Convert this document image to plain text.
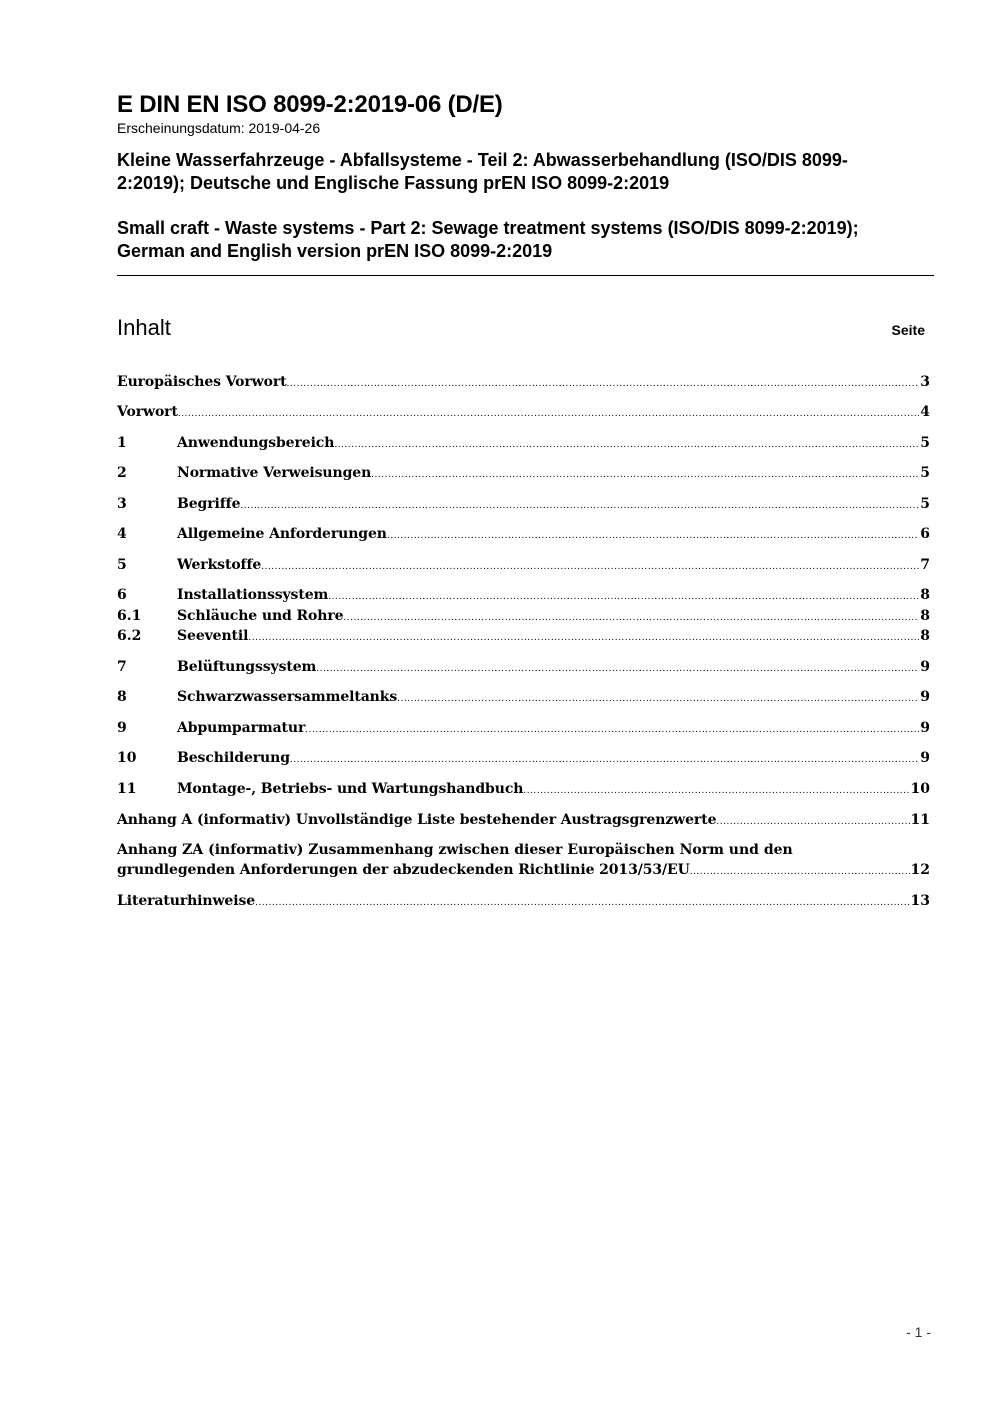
E DIN EN ISO 8099-2:2019-06 (D/E)
Erscheinungsdatum: 2019-04-26
Kleine Wasserfahrzeuge - Abfallsysteme - Teil 2: Abwasserbehandlung (ISO/DIS 8099-2:2019); Deutsche und Englische Fassung prEN ISO 8099-2:2019
Small craft - Waste systems - Part 2: Sewage treatment systems (ISO/DIS 8099-2:2019); German and English version prEN ISO 8099-2:2019
Inhalt	Seite
Europäisches Vorwort .....	3
Vorwort .....	4
1	Anwendungsbereich .....	5
2	Normative Verweisungen .....	5
3	Begriffe .....	5
4	Allgemeine Anforderungen .....	6
5	Werkstoffe .....	7
6	Installationssystem .....	8
6.1	Schläuche und Rohre .....	8
6.2	Seeventil .....	8
7	Belüftungssystem .....	9
8	Schwarzwassersammeltanks .....	9
9	Abpumparmatur .....	9
10	Beschilderung .....	9
11	Montage-, Betriebs- und Wartungshandbuch .....	10
Anhang A (informativ) Unvollständige Liste bestehender Austragsgrenzwerte .....	11
Anhang ZA (informativ) Zusammenhang zwischen dieser Europäischen Norm und den
grundlegenden Anforderungen der abzudeckenden Richtlinie 2013/53/EU .....	12
Literaturhinweise .....	13
- 1 -
